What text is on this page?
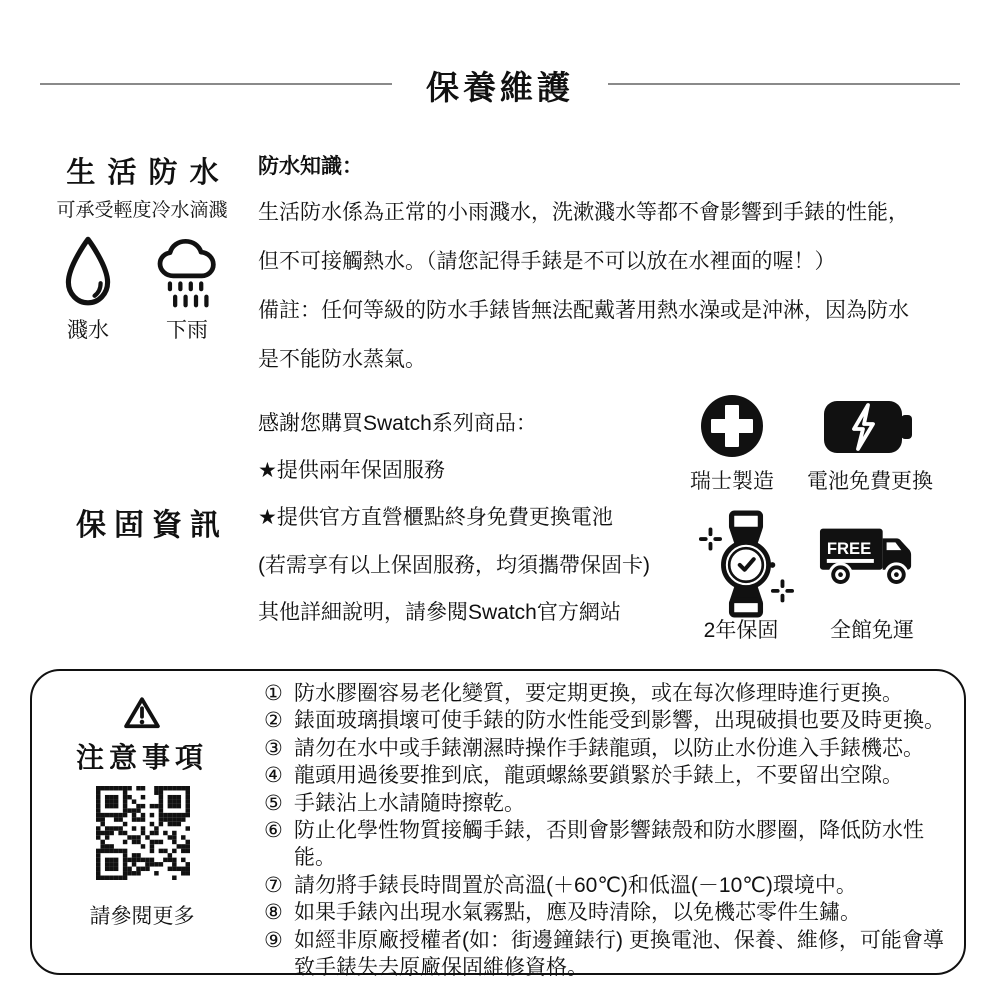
保養維護
生 活 防 水
可承受輕度冷水滴濺
濺水	下雨
防水知識：
生活防水係為正常的小雨濺水，洗漱濺水等都不會影響到手錶的性能，
但不可接觸熱水。（請您記得手錶是不可以放在水裡面的喔！）
備註：任何等級的防水手錶皆無法配戴著用熱水澡或是沖淋，因為防水
是不能防水蒸氣。
感謝您購買Swatch系列商品：
★提供兩年保固服務
保固資訊	★提供官方直營櫃點終身免費更換電池
(若需享有以上保固服務，均須攜帶保固卡)
其他詳細說明，請參閱Swatch官方網站
瑞士製造	電池免費更換
FREE
2年保固	全館免運
注意事項
請參閱更多
① 防水膠圈容易老化變質，要定期更換，或在每次修理時進行更換。
② 錶面玻璃損壞可使手錶的防水性能受到影響，出現破損也要及時更換。
③ 請勿在水中或手錶潮濕時操作手錶龍頭，以防止水份進入手錶機芯。
④ 龍頭用過後要推到底，龍頭螺絲要鎖緊於手錶上，不要留出空隙。
⑤ 手錶沾上水請隨時擦乾。
⑥ 防止化學性物質接觸手錶，否則會影響錶殼和防水膠圈，降低防水性能。
⑦ 請勿將手錶長時間置於高溫(＋60℃)和低溫(－10℃)環境中。
⑧ 如果手錶內出現水氣霧點，應及時清除，以免機芯零件生鏽。
⑨ 如經非原廠授權者(如：街邊鐘錶行) 更換電池、保養、維修，可能會導致手錶失去原廠保固維修資格。
